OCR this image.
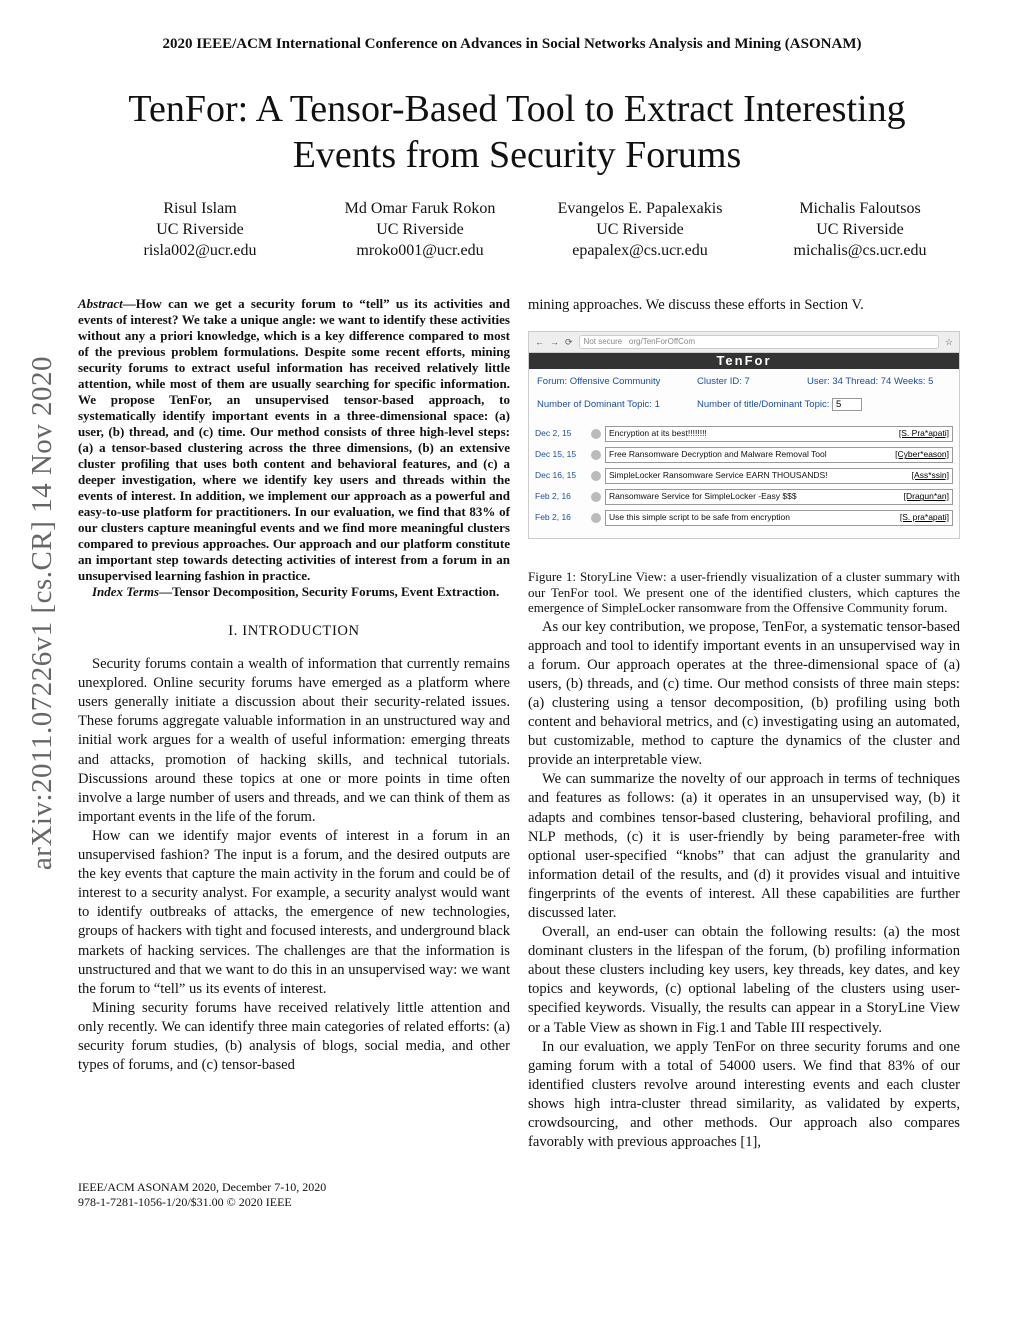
2020 IEEE/ACM International Conference on Advances in Social Networks Analysis and Mining (ASONAM)
TenFor: A Tensor-Based Tool to Extract Interesting
Events from Security Forums
Risul Islam
UC Riverside
risla002@ucr.edu
Md Omar Faruk Rokon
UC Riverside
mroko001@ucr.edu
Evangelos E. Papalexakis
UC Riverside
epapalex@cs.ucr.edu
Michalis Faloutsos
UC Riverside
michalis@cs.ucr.edu
arXiv:2011.07226v1 [cs.CR] 14 Nov 2020

Abstract—How can we get a security forum to “tell” us its activities and events of interest? We take a unique angle: we want to identify these activities without any a priori knowledge, which is a key difference compared to most of the previous problem formulations. Despite some recent efforts, mining security forums to extract useful information has received relatively little attention, while most of them are usually searching for specific information. We propose TenFor, an unsupervised tensor-based approach, to systematically identify important events in a three-dimensional space: (a) user, (b) thread, and (c) time. Our method consists of three high-level steps: (a) a tensor-based clustering across the three dimensions, (b) an extensive cluster profiling that uses both content and behavioral features, and (c) a deeper investigation, where we identify key users and threads within the events of interest. In addition, we implement our approach as a powerful and easy-to-use platform for practitioners. In our evaluation, we find that 83% of our clusters capture meaningful events and we find more meaningful clusters compared to previous approaches. Our approach and our platform constitute an important step towards detecting activities of interest from a forum in an unsupervised learning fashion in practice.

Index Terms—Tensor Decomposition, Security Forums, Event Extraction.

I. INTRODUCTION

Security forums contain a wealth of information that currently remains unexplored. Online security forums have emerged as a platform where users generally initiate a discussion about their security-related issues. These forums aggregate valuable information in an unstructured way and initial work argues for a wealth of useful information: emerging threats and attacks, promotion of hacking skills, and technical tutorials. Discussions around these topics at one or more points in time often involve a large number of users and threads, and we can think of them as important events in the life of the forum.

How can we identify major events of interest in a forum in an unsupervised fashion? The input is a forum, and the desired outputs are the key events that capture the main activity in the forum and could be of interest to a security analyst. For example, a security analyst would want to identify outbreaks of attacks, the emergence of new technologies, groups of hackers with tight and focused interests, and underground black markets of hacking services. The challenges are that the information is unstructured and that we want to do this in an unsupervised way: we want the forum to “tell” us its events of interest.

Mining security forums have received relatively little attention and only recently. We can identify three main categories of related efforts: (a) security forum studies, (b) analysis of blogs, social media, and other types of forums, and (c) tensor-based

IEEE/ACM ASONAM 2020, December 7-10, 2020
978-1-7281-1056-1/20/$31.00 © 2020 IEEE

mining approaches. We discuss these efforts in Section V.

← → ⟳	Not secure org/TenForOffCom	☆
TenFor
Forum: Offensive Community	Cluster ID: 7	User: 34 Thread: 74 Weeks: 5
Number of Dominant Topic: 1	Number of title/Dominant Topic: 5
Dec 2, 15	Encryption at its best!!!!!!!!	[S. Pra*apati]
Dec 15, 15	Free Ransomware Decryption and Malware Removal Tool	[Cyber*eason]
Dec 16, 15	SimpleLocker Ransomware Service EARN THOUSANDS!	[Ass*ssin]
Feb 2, 16	Ransomware Service for SimpleLocker -Easy $$$	[Dragun*an]
Feb 2, 16	Use this simple script to be safe from encryption	[S. pra*apati]

Figure 1: StoryLine View: a user-friendly visualization of a cluster summary with our TenFor tool. We present one of the identified clusters, which captures the emergence of SimpleLocker ransomware from the Offensive Community forum.

As our key contribution, we propose, TenFor, a systematic tensor-based approach and tool to identify important events in an unsupervised way in a forum. Our approach operates at the three-dimensional space of (a) users, (b) threads, and (c) time. Our method consists of three main steps: (a) clustering using a tensor decomposition, (b) profiling using both content and behavioral metrics, and (c) investigating using an automated, but customizable, method to capture the dynamics of the cluster and provide an interpretable view.

We can summarize the novelty of our approach in terms of techniques and features as follows: (a) it operates in an unsupervised way, (b) it adapts and combines tensor-based clustering, behavioral profiling, and NLP methods, (c) it is user-friendly by being parameter-free with optional user-specified “knobs” that can adjust the granularity and information detail of the results, and (d) it provides visual and intuitive fingerprints of the events of interest. All these capabilities are further discussed later.

Overall, an end-user can obtain the following results: (a) the most dominant clusters in the lifespan of the forum, (b) profiling information about these clusters including key users, key threads, key dates, and key topics and keywords, (c) optional labeling of the clusters using user-specified keywords. Visually, the results can appear in a StoryLine View or a Table View as shown in Fig.1 and Table III respectively.

In our evaluation, we apply TenFor on three security forums and one gaming forum with a total of 54000 users. We find that 83% of our identified clusters revolve around interesting events and each cluster shows high intra-cluster thread similarity, as validated by experts, crowdsourcing, and other methods. Our approach also compares favorably with previous approaches [1],
